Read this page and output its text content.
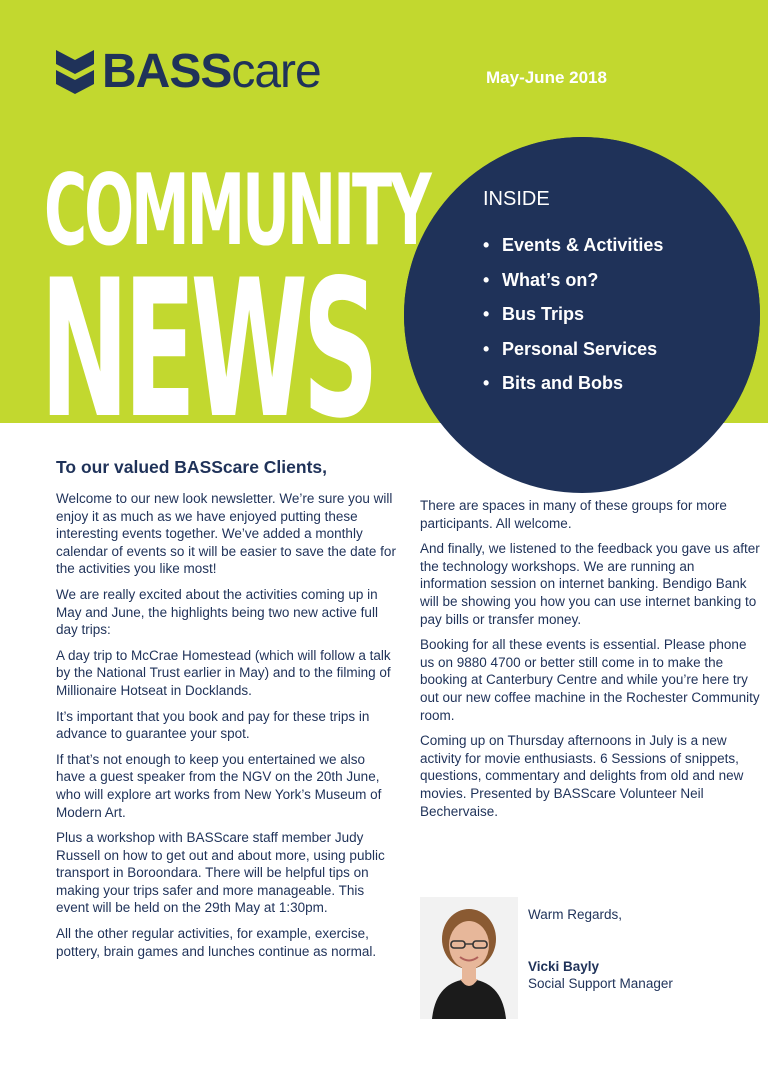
BASScare	May-June 2018
COMMUNITY
NEWS
INSIDE
• Events & Activities
• What’s on?
• Bus Trips
• Personal Services
• Bits and Bobs
To our valued BASScare Clients,

Welcome to our new look newsletter. We’re sure you will enjoy it as much as we have enjoyed putting these interesting events together. We’ve added a monthly calendar of events so it will be easier to save the date for the activities you like most!

We are really excited about the activities coming up in May and June, the highlights being two new active full day trips:

A day trip to McCrae Homestead (which will follow a talk by the National Trust earlier in May) and to the filming of Millionaire Hotseat in Docklands.

It’s important that you book and pay for these trips in advance to guarantee your spot.

If that’s not enough to keep you entertained we also have a guest speaker from the NGV on the 20th June, who will explore art works from New York’s Museum of Modern Art.

Plus a workshop with BASScare staff member Judy Russell on how to get out and about more, using public transport in Boroondara. There will be helpful tips on making your trips safer and more manageable. This event will be held on the 29th May at 1:30pm.

All the other regular activities, for example, exercise, pottery, brain games and lunches continue as normal.

There are spaces in many of these groups for more participants. All welcome.

And finally, we listened to the feedback you gave us after the technology workshops. We are running an information session on internet banking. Bendigo Bank will be showing you how you can use internet banking to pay bills or transfer money.

Booking for all these events is essential. Please phone us on 9880 4700 or better still come in to make the booking at Canterbury Centre and while you’re here try out our new coffee machine in the Rochester Community room.

Coming up on Thursday afternoons in July is a new activity for movie enthusiasts. 6 Sessions of snippets, questions, commentary and delights from old and new movies. Presented by BASScare Volunteer Neil Bechervaise.

Warm Regards,
Vicki Bayly
Social Support Manager
